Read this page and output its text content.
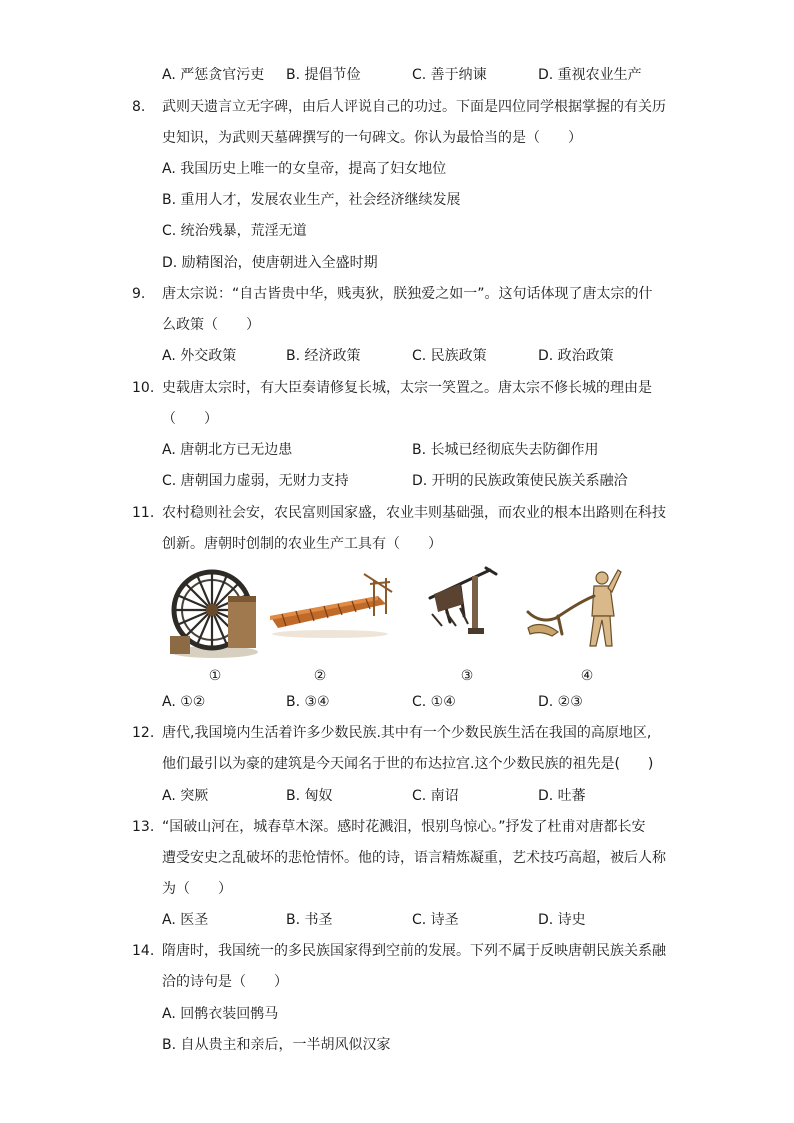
A. 严惩贪官污吏 B. 提倡节俭	C. 善于纳谏	D. 重视农业生产
8. 武则天遗言立无字碑，由后人评说自己的功过。下面是四位同学根据掌握的有关历
史知识，为武则天墓碑撰写的一句碑文。你认为最恰当的是（　　）
A. 我国历史上唯一的女皇帝，提高了妇女地位
B. 重用人才，发展农业生产，社会经济继续发展
C. 统治残暴，荒淫无道
D. 励精图治，使唐朝进入全盛时期
9. 唐太宗说：“自古皆贵中华，贱夷狄，朕独爱之如一”。这句话体现了唐太宗的什
么政策（　　）
A. 外交政策	B. 经济政策	C. 民族政策	D. 政治政策
10. 史载唐太宗时，有大臣奏请修复长城，太宗一笑置之。唐太宗不修长城的理由是
（　　）
A. 唐朝北方已无边患	B. 长城已经彻底失去防御作用
C. 唐朝国力虚弱，无财力支持	D. 开明的民族政策使民族关系融洽
11. 农村稳则社会安，农民富则国家盛，农业丰则基础强，而农业的根本出路则在科技
创新。唐朝时创制的农业生产工具有（　　）
①	②	③	④
A. ①②	B. ③④	C. ①④	D. ②③
12. 唐代,我国境内生活着许多少数民族.其中有一个少数民族生活在我国的高原地区,
他们最引以为豪的建筑是今天闻名于世的布达拉宫.这个少数民族的祖先是(　　)
A. 突厥	B. 匈奴	C. 南诏	D. 吐蕃
13. “国破山河在，城春草木深。感时花溅泪，恨别鸟惊心。”抒发了杜甫对唐都长安
遭受安史之乱破坏的悲怆情怀。他的诗，语言精炼凝重，艺术技巧高超，被后人称
为（　　）
A. 医圣	B. 书圣	C. 诗圣	D. 诗史
14. 隋唐时，我国统一的多民族国家得到空前的发展。下列不属于反映唐朝民族关系融
洽的诗句是（　　）
A. 回鹘衣装回鹘马
B. 自从贵主和亲后，一半胡风似汉家
